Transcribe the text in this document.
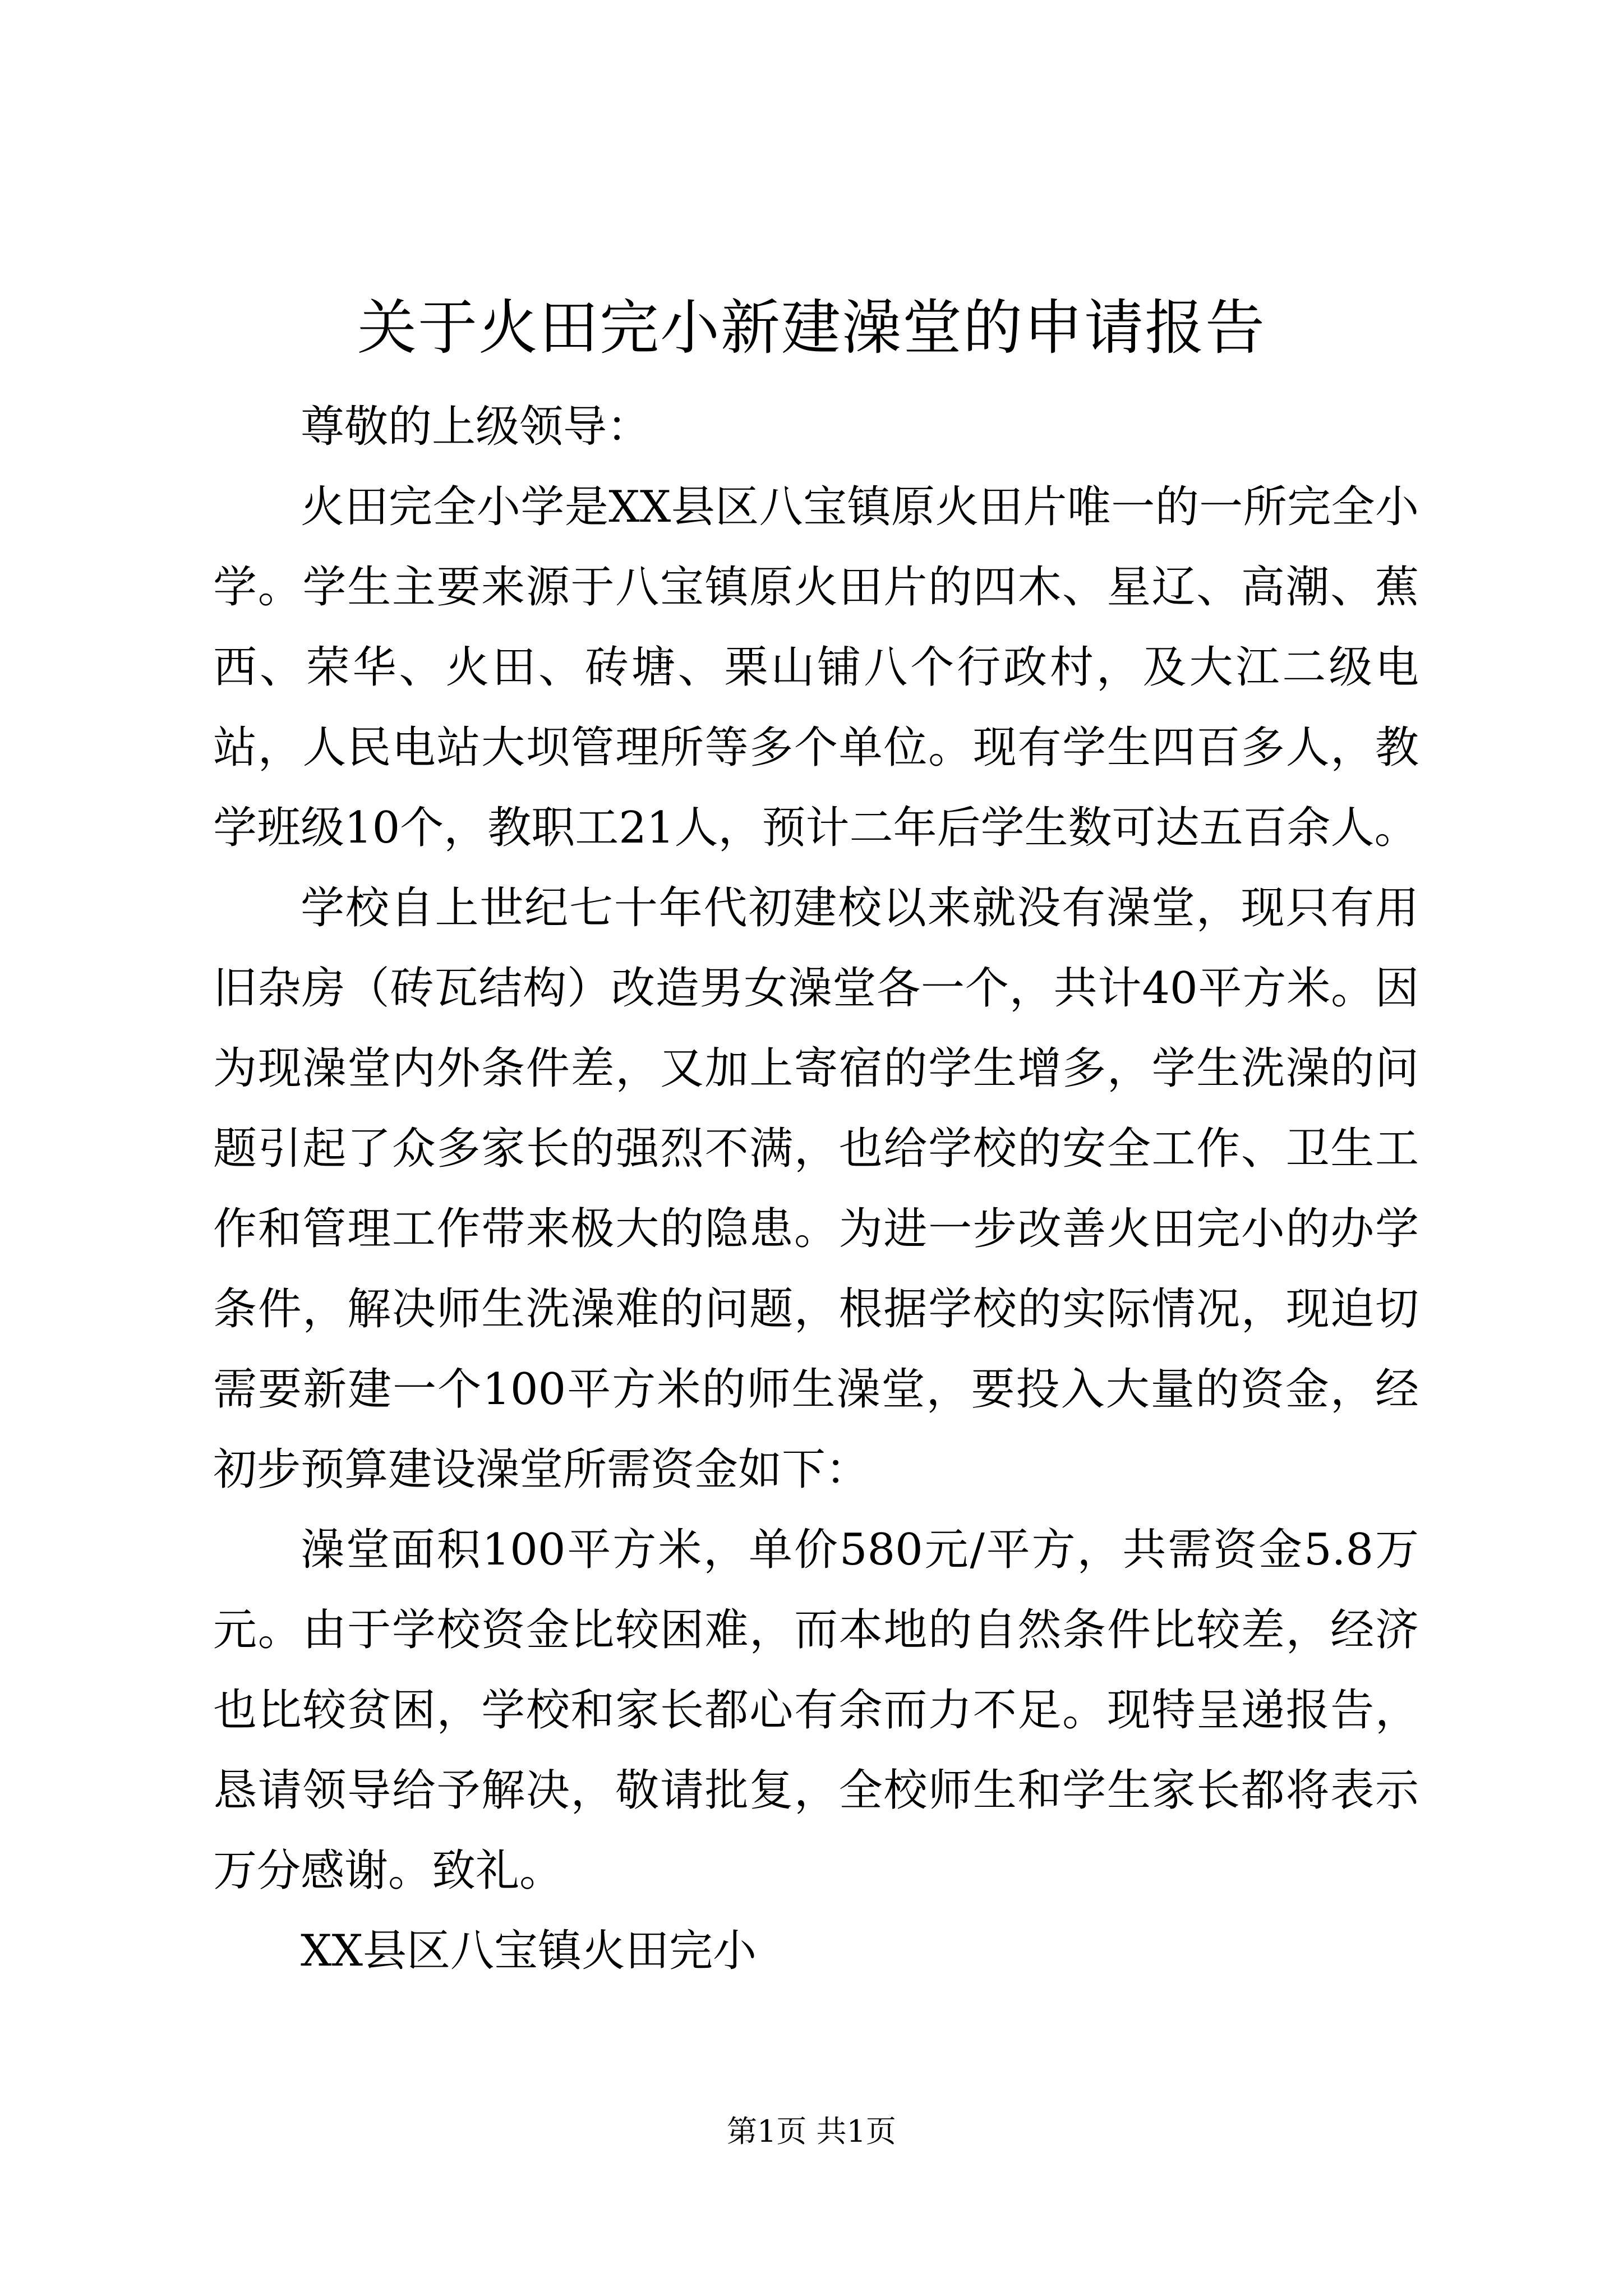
关于火田完小新建澡堂的申请报告

尊敬的上级领导：

火田完全小学是XX县区八宝镇原火田片唯一的一所完全小学。学生主要来源于八宝镇原火田片的四木、星辽、高潮、蕉西、荣华、火田、砖塘、栗山铺八个行政村，及大江二级电站，人民电站大坝管理所等多个单位。现有学生四百多人，教学班级10个，教职工21人，预计二年后学生数可达五百余人。

学校自上世纪七十年代初建校以来就没有澡堂，现只有用旧杂房（砖瓦结构）改造男女澡堂各一个，共计40平方米。因为现澡堂内外条件差，又加上寄宿的学生增多，学生洗澡的问题引起了众多家长的强烈不满，也给学校的安全工作、卫生工作和管理工作带来极大的隐患。为进一步改善火田完小的办学条件，解决师生洗澡难的问题，根据学校的实际情况，现迫切需要新建一个100平方米的师生澡堂，要投入大量的资金，经初步预算建设澡堂所需资金如下：

澡堂面积100平方米，单价580元/平方，共需资金5.8万元。由于学校资金比较困难，而本地的自然条件比较差，经济也比较贫困，学校和家长都心有余而力不足。现特呈递报告，恳请领导给予解决，敬请批复，全校师生和学生家长都将表示万分感谢。致礼。

XX县区八宝镇火田完小

第1页 共1页
